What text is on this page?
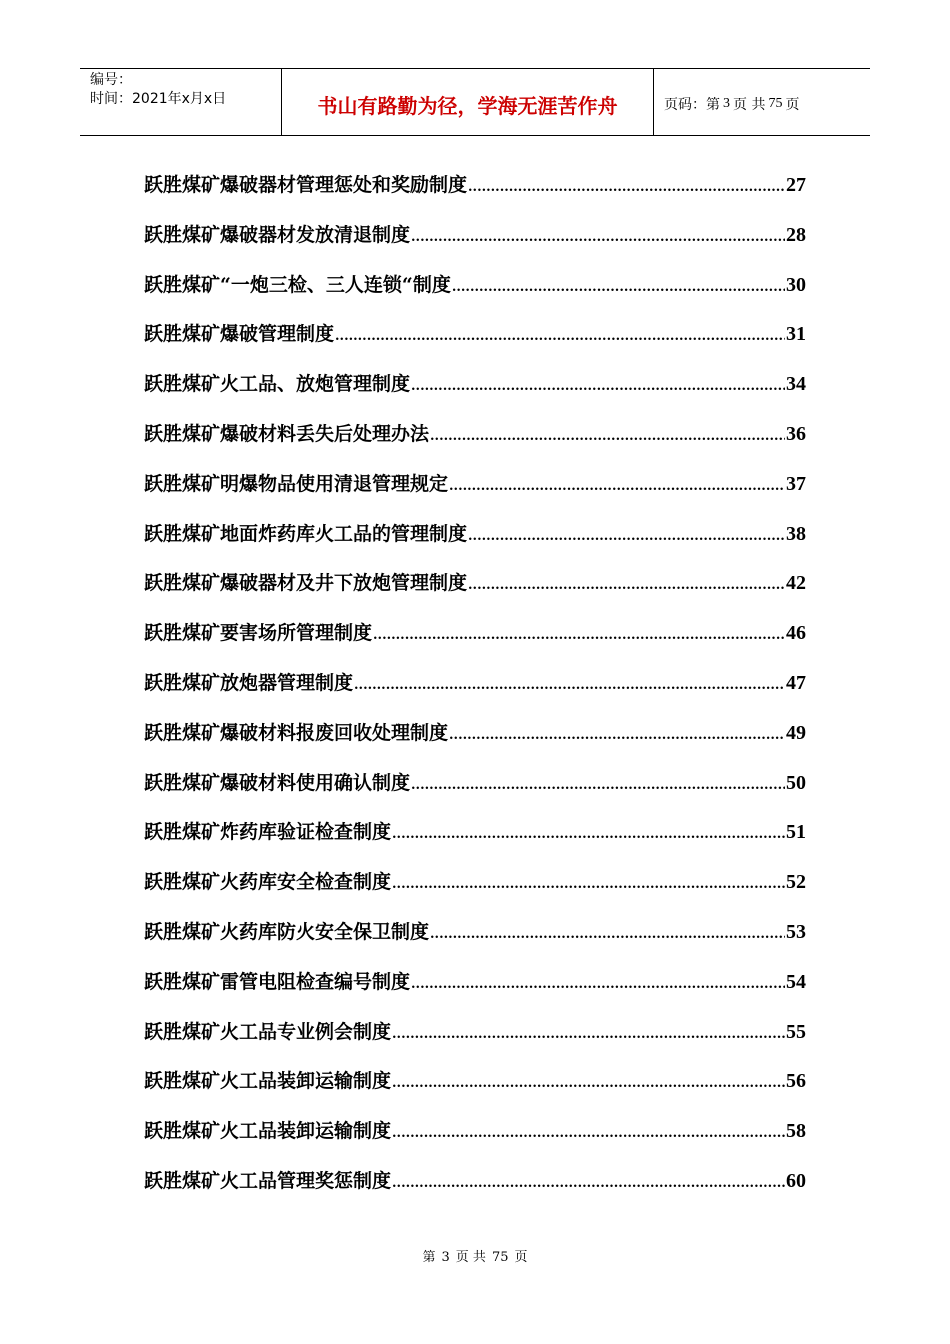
编号：
时间：2021年x月x日	书山有路勤为径，学海无涯苦作舟	页码：第 3 页 共 75 页
跃胜煤矿爆破器材管理惩处和奖励制度 .....	27
跃胜煤矿爆破器材发放清退制度 .....	28
跃胜煤矿“一炮三检、三人连锁“制度 .....	30
跃胜煤矿爆破管理制度 .....	31
跃胜煤矿火工品、放炮管理制度 .....	34
跃胜煤矿爆破材料丢失后处理办法 .....	36
跃胜煤矿明爆物品使用清退管理规定 .....	37
跃胜煤矿地面炸药库火工品的管理制度 .....	38
跃胜煤矿爆破器材及井下放炮管理制度 .....	42
跃胜煤矿要害场所管理制度 .....	46
跃胜煤矿放炮器管理制度 .....	47
跃胜煤矿爆破材料报废回收处理制度 .....	49
跃胜煤矿爆破材料使用确认制度 .....	50
跃胜煤矿炸药库验证检查制度 .....	51
跃胜煤矿火药库安全检查制度 .....	52
跃胜煤矿火药库防火安全保卫制度 .....	53
跃胜煤矿雷管电阻检查编号制度 .....	54
跃胜煤矿火工品专业例会制度 .....	55
跃胜煤矿火工品装卸运输制度 .....	56
跃胜煤矿火工品装卸运输制度 .....	58
跃胜煤矿火工品管理奖惩制度 .....	60
第 3 页 共 75 页
